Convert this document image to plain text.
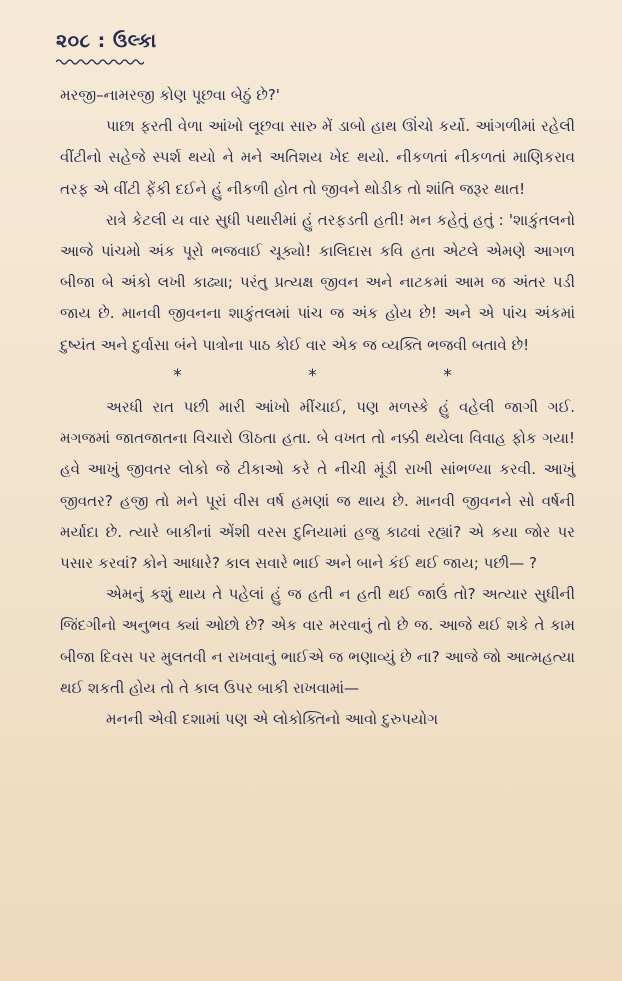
૨૦૮ : ઉલ્કા

મરજી–નામરજી કોણ પૂછવા બેઠું છે?'

પાછા ફરતી વેળા આંખો લૂછવા સારુ મેં ડાબો હાથ ઊંચો કર્યો. આંગળીમાં રહેલી વીંટીનો સહેજે સ્પર્શ થયો ને મને અતિશય ખેદ થયો. નીકળતાં નીકળતાં માણિકરાવ તરફ એ વીંટી ફેંકી દઈને હું નીકળી હોત તો જીવને થોડીક તો શાંતિ જરૂર થાત!

રાત્રે કેટલી ય વાર સુધી પથારીમાં હું તરફડતી હતી! મન કહેતું હતું : 'શાકુંતલનો આજે પાંચમો અંક પૂરો ભજવાઈ ચૂક્યો! કાલિદાસ કવિ હતા એટલે એમણે આગળ બીજા બે અંકો લખી કાઢ્યા; પરંતુ પ્રત્યક્ષ જીવન અને નાટકમાં આમ જ અંતર પડી જાય છે. માનવી જીવનના શાકુંતલમાં પાંચ જ અંક હોય છે! અને એ પાંચ અંકમાં દુષ્યંત અને દુર્વાસા બંને પાત્રોના પાઠ કોઈ વાર એક જ વ્યક્તિ ભજવી બતાવે છે!

*	*	*

અરધી રાત પછી મારી આંખો મીંચાઈ, પણ મળસ્કે હું વહેલી જાગી ગઈ. મગજમાં જાતજાતના વિચારો ઊઠતા હતા. બે વખત તો નક્કી થયેલા વિવાહ ફોક ગયા! હવે આખું જીવતર લોકો જે ટીકાઓ કરે તે નીચી મૂંડી રાખી સાંભળ્યા કરવી. આખું જીવતર? હજી તો મને પૂરાં વીસ વર્ષ હમણાં જ થાય છે. માનવી જીવનને સો વર્ષની મર્યાદા છે. ત્યારે બાકીનાં એંશી વરસ દુનિયામાં હજુ કાઢવાં રહ્યાં? એ કયા જોર પર પસાર કરવાં? કોને આધારે? કાલ સવારે ભાઈ અને બાને કંઈ થઈ જાય; પછી— ?

એમનું કશું થાય તે પહેલાં હું જ હતી ન હતી થઈ જાઉં તો? અત્યાર સુધીની જિંદગીનો અનુભવ ક્યાં ઓછો છે? એક વાર મરવાનું તો છે જ. આજે થઈ શકે તે કામ બીજા દિવસ પર મુલતવી ન રાખવાનું ભાઈએ જ ભણાવ્યું છે ના? આજે જો આત્મહત્યા થઈ શકતી હોય તો તે કાલ ઉપર બાકી રાખવામાં—

મનની એવી દશામાં પણ એ લોકોક્તિનો આવો દુરુપયોગ
